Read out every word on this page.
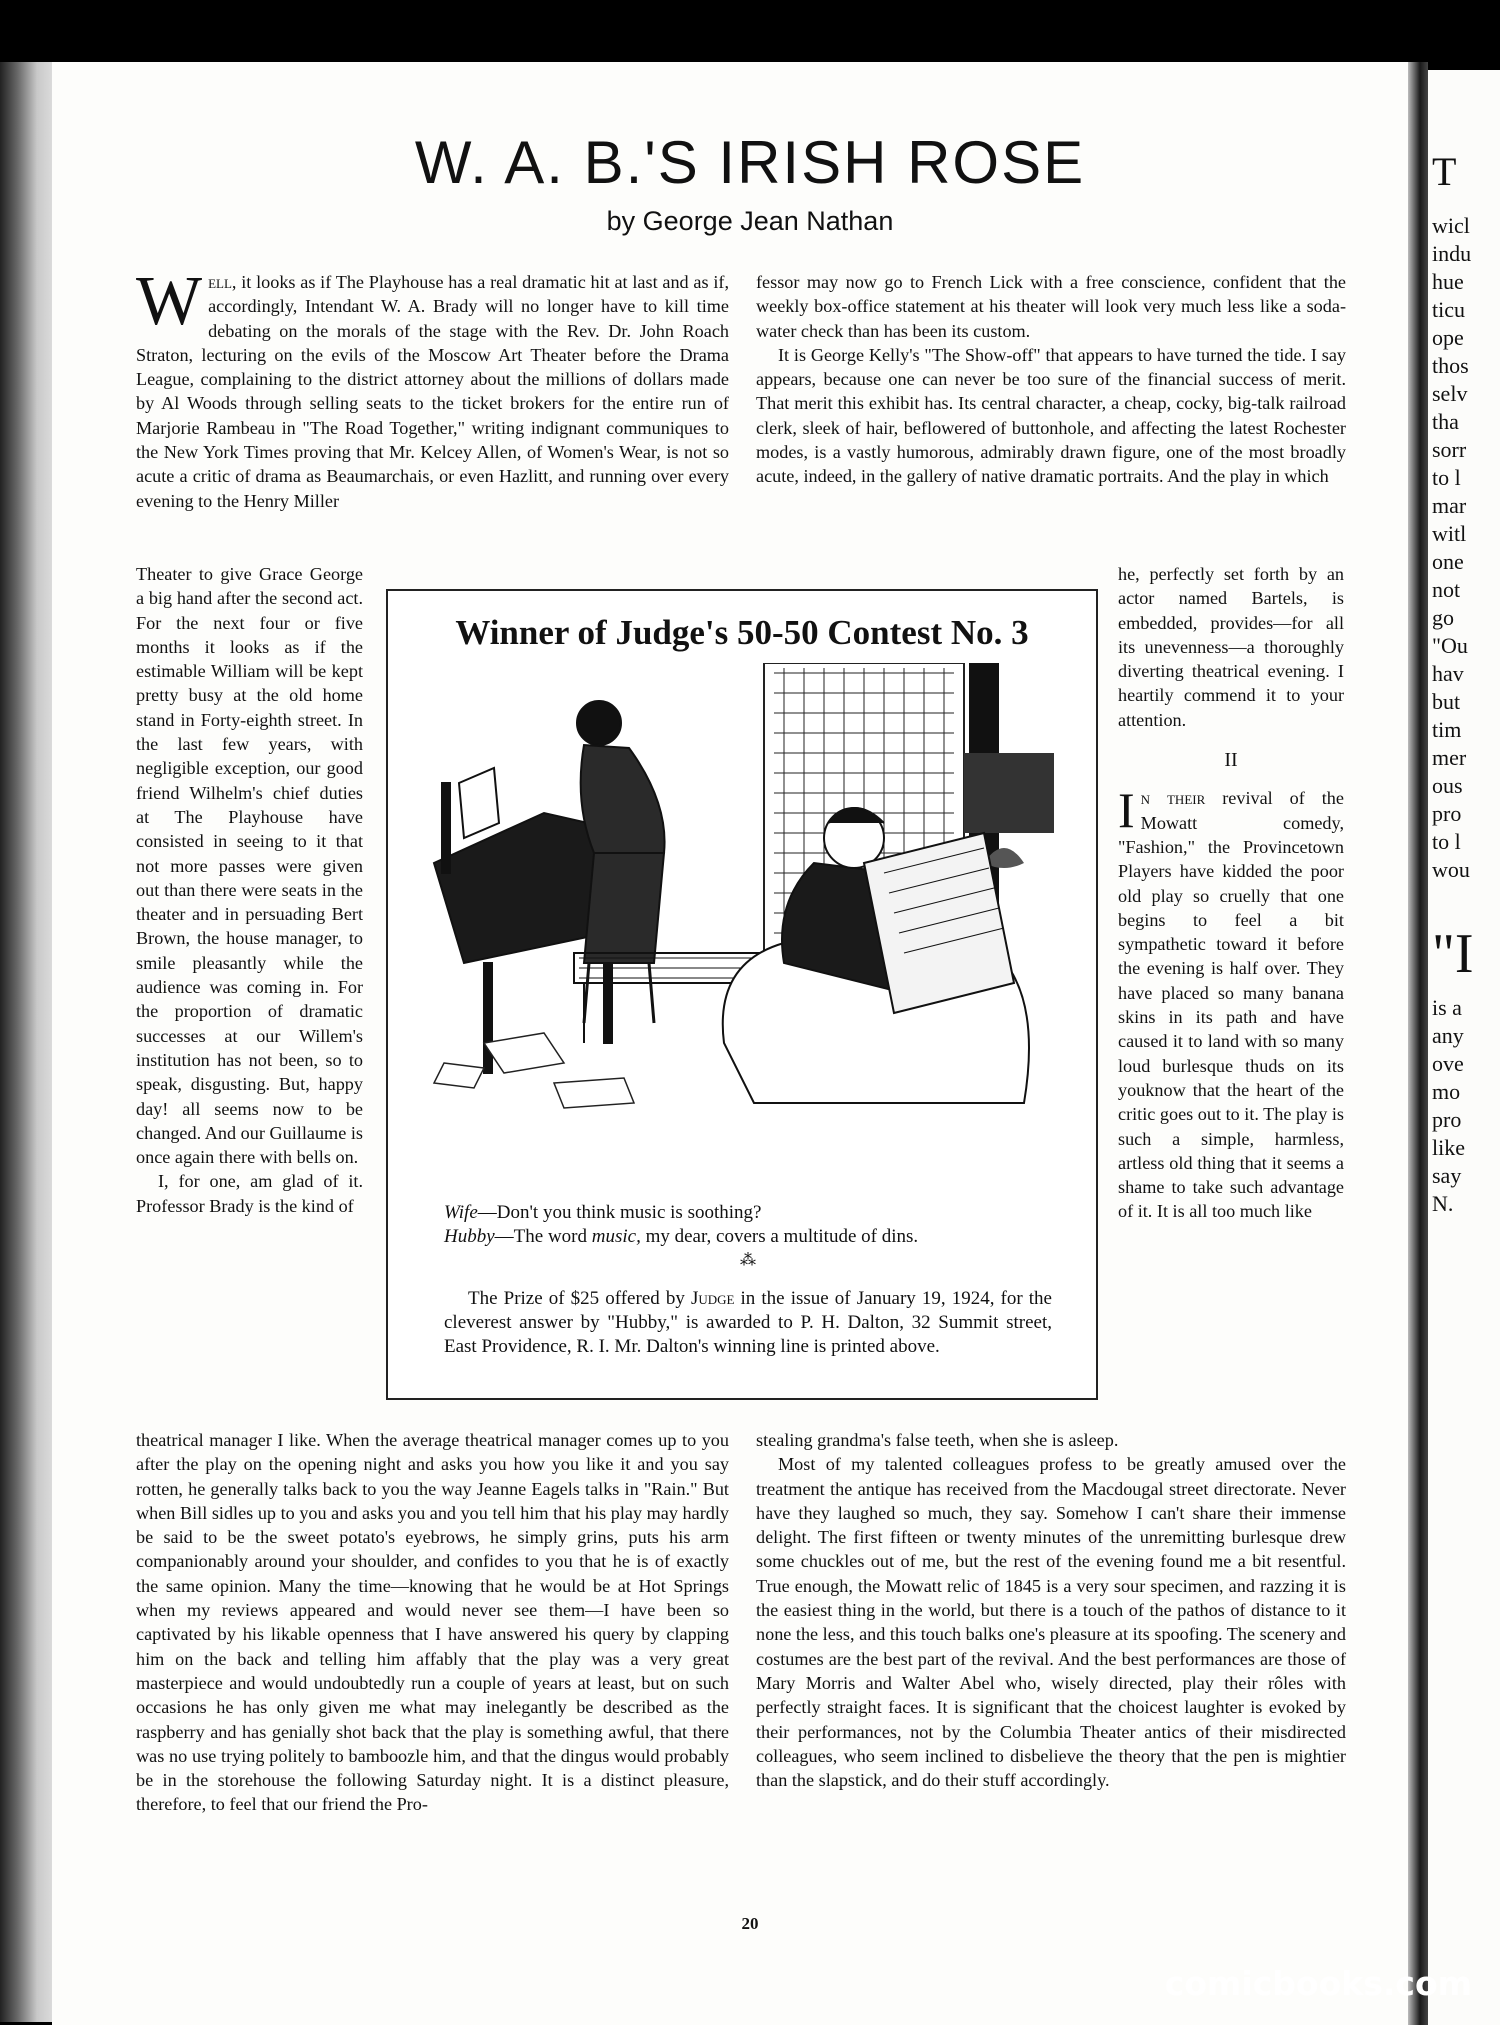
T
wicl
indu
hue
ticu
ope
thos
selv
tha
sorr
to l
mar
witl
one
not
go
"Ou
hav
but
tim
mer
ous
pro
to l
wou
"I
is a
any
ove
mo
pro
like
say
N.
W. A. B.'S IRISH ROSE
by George Jean Nathan

Well, it looks as if The Playhouse has a real dramatic hit at last and as if, accordingly, Intendant W. A. Brady will no longer have to kill time debating on the morals of the stage with the Rev. Dr. John Roach Straton, lecturing on the evils of the Moscow Art Theater before the Drama League, complaining to the district attorney about the millions of dollars made by Al Woods through selling seats to the ticket brokers for the entire run of Marjorie Rambeau in "The Road Together," writing indignant communiques to the New York Times proving that Mr. Kelcey Allen, of Women's Wear, is not so acute a critic of drama as Beaumarchais, or even Hazlitt, and running over every evening to the Henry Miller

Theater to give Grace George a big hand after the second act. For the next four or five months it looks as if the estimable William will be kept pretty busy at the old home stand in Forty-eighth street. In the last few years, with negligible exception, our good friend Wilhelm's chief duties at The Playhouse have consisted in seeing to it that not more passes were given out than there were seats in the theater and in persuading Bert Brown, the house manager, to smile pleasantly while the audience was coming in. For the proportion of dramatic successes at our Willem's institution has not been, so to speak, disgusting. But, happy day! all seems now to be changed. And our Guillaume is once again there with bells on.

I, for one, am glad of it. Professor Brady is the kind of

theatrical manager I like. When the average theatrical manager comes up to you after the play on the opening night and asks you how you like it and you say rotten, he generally talks back to you the way Jeanne Eagels talks in "Rain." But when Bill sidles up to you and asks you and you tell him that his play may hardly be said to be the sweet potato's eyebrows, he simply grins, puts his arm companionably around your shoulder, and confides to you that he is of exactly the same opinion. Many the time—knowing that he would be at Hot Springs when my reviews appeared and would never see them—I have been so captivated by his likable openness that I have answered his query by clapping him on the back and telling him affably that the play was a very great masterpiece and would undoubtedly run a couple of years at least, but on such occasions he has only given me what may inelegantly be described as the raspberry and has genially shot back that the play is something awful, that there was no use trying politely to bamboozle him, and that the dingus would probably be in the storehouse the following Saturday night. It is a distinct pleasure, therefore, to feel that our friend the Pro-

fessor may now go to French Lick with a free conscience, confident that the weekly box-office statement at his theater will look very much less like a soda-water check than has been its custom.

It is George Kelly's "The Show-off" that appears to have turned the tide. I say appears, because one can never be too sure of the financial success of merit. That merit this exhibit has. Its central character, a cheap, cocky, big-talk railroad clerk, sleek of hair, beflowered of buttonhole, and affecting the latest Rochester modes, is a vastly humorous, admirably drawn figure, one of the most broadly acute, indeed, in the gallery of native dramatic portraits. And the play in which

he, perfectly set forth by an actor named Bartels, is embedded, provides—for all its unevenness—a thoroughly diverting theatrical evening. I heartily commend it to your attention.

II

In their revival of the Mowatt comedy, "Fashion," the Provincetown Players have kidded the poor old play so cruelly that one begins to feel a bit sympathetic toward it before the evening is half over. They have placed so many banana skins in its path and have caused it to land with so many loud burlesque thuds on its youknow that the heart of the critic goes out to it. The play is such a simple, harmless, artless old thing that it seems a shame to take such advantage of it. It is all too much like

stealing grandma's false teeth, when she is asleep.

Most of my talented colleagues profess to be greatly amused over the treatment the antique has received from the Macdougal street directorate. Never have they laughed so much, they say. Somehow I can't share their immense delight. The first fifteen or twenty minutes of the unremitting burlesque drew some chuckles out of me, but the rest of the evening found me a bit resentful. True enough, the Mowatt relic of 1845 is a very sour specimen, and razzing it is the easiest thing in the world, but there is a touch of the pathos of distance to it none the less, and this touch balks one's pleasure at its spoofing. The scenery and costumes are the best part of the revival. And the best performances are those of Mary Morris and Walter Abel who, wisely directed, play their rôles with perfectly straight faces. It is significant that the choicest laughter is evoked by their performances, not by the Columbia Theater antics of their misdirected colleagues, who seem inclined to disbelieve the theory that the pen is mightier than the slapstick, and do their stuff accordingly.

Winner of Judge's 50-50 Contest No. 3
Wife—Don't you think music is soothing?
Hubby—The word music, my dear, covers a multitude of dins.
⁂
The Prize of $25 offered by Judge in the issue of January 19, 1924, for the cleverest answer by "Hubby," is awarded to P. H. Dalton, 32 Summit street, East Providence, R. I. Mr. Dalton's winning line is printed above.
20
comicbooks.com
